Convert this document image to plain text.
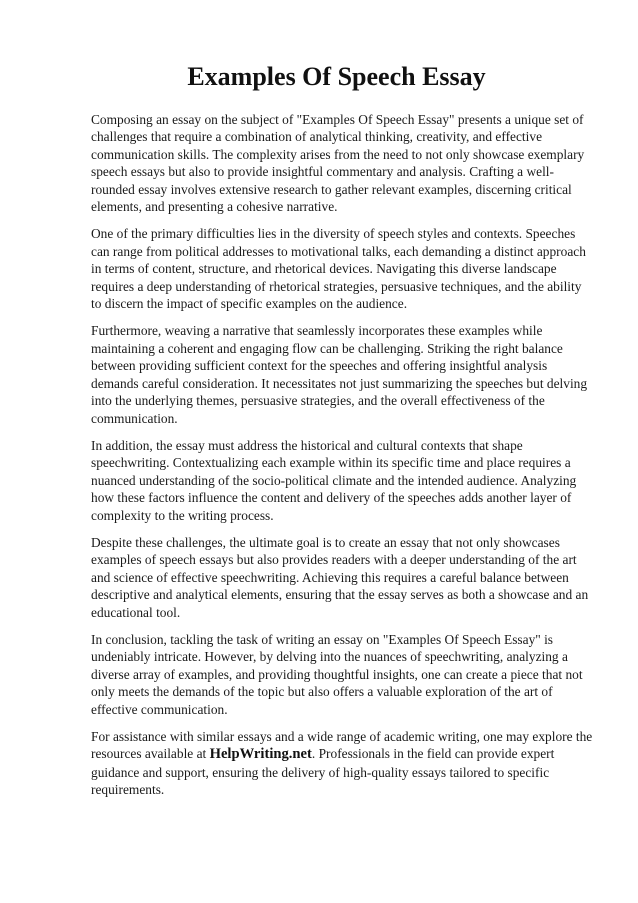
Examples Of Speech Essay

Composing an essay on the subject of "Examples Of Speech Essay" presents a unique set of challenges that require a combination of analytical thinking, creativity, and effective communication skills. The complexity arises from the need to not only showcase exemplary speech essays but also to provide insightful commentary and analysis. Crafting a well-rounded essay involves extensive research to gather relevant examples, discerning critical elements, and presenting a cohesive narrative.

One of the primary difficulties lies in the diversity of speech styles and contexts. Speeches can range from political addresses to motivational talks, each demanding a distinct approach in terms of content, structure, and rhetorical devices. Navigating this diverse landscape requires a deep understanding of rhetorical strategies, persuasive techniques, and the ability to discern the impact of specific examples on the audience.

Furthermore, weaving a narrative that seamlessly incorporates these examples while maintaining a coherent and engaging flow can be challenging. Striking the right balance between providing sufficient context for the speeches and offering insightful analysis demands careful consideration. It necessitates not just summarizing the speeches but delving into the underlying themes, persuasive strategies, and the overall effectiveness of the communication.

In addition, the essay must address the historical and cultural contexts that shape speechwriting. Contextualizing each example within its specific time and place requires a nuanced understanding of the socio-political climate and the intended audience. Analyzing how these factors influence the content and delivery of the speeches adds another layer of complexity to the writing process.

Despite these challenges, the ultimate goal is to create an essay that not only showcases examples of speech essays but also provides readers with a deeper understanding of the art and science of effective speechwriting. Achieving this requires a careful balance between descriptive and analytical elements, ensuring that the essay serves as both a showcase and an educational tool.

In conclusion, tackling the task of writing an essay on "Examples Of Speech Essay" is undeniably intricate. However, by delving into the nuances of speechwriting, analyzing a diverse array of examples, and providing thoughtful insights, one can create a piece that not only meets the demands of the topic but also offers a valuable exploration of the art of effective communication.

For assistance with similar essays and a wide range of academic writing, one may explore the resources available at HelpWriting.net. Professionals in the field can provide expert guidance and support, ensuring the delivery of high-quality essays tailored to specific requirements.
